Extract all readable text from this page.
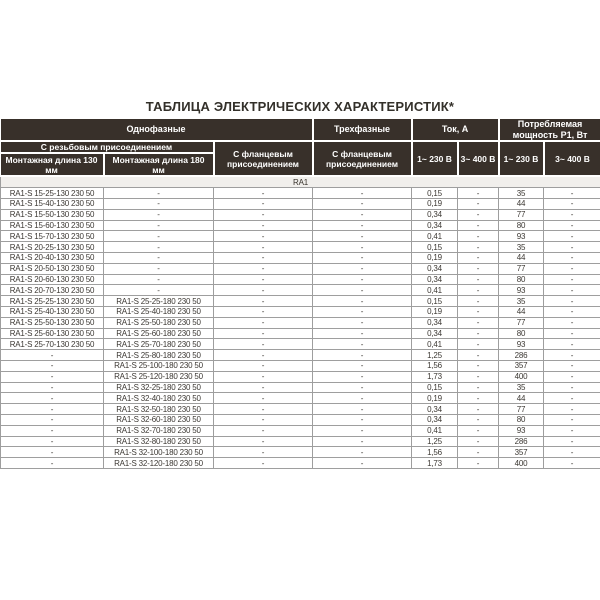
ТАБЛИЦА ЭЛЕКТРИЧЕСКИХ ХАРАКТЕРИСТИК*
Однофазные			Трехфазные	Ток, А		Потребляемая мощность Р1, Вт	
С резьбовым присоединением		С фланцевым присоединением	С фланцевым присоединением	1~ 230 В	3~ 400 В	1~ 230 В	3~ 400 В
Монтажная длина 130 мм	Монтажная длина 180 мм						
RA1							
RA1-S 15-25-130 230 50	-	-	-	0,15	-	35	-
RA1-S 15-40-130 230 50	-	-	-	0,19	-	44	-
RA1-S 15-50-130 230 50	-	-	-	0,34	-	77	-
RA1-S 15-60-130 230 50	-	-	-	0,34	-	80	-
RA1-S 15-70-130 230 50	-	-	-	0,41	-	93	-
RA1-S 20-25-130 230 50	-	-	-	0,15	-	35	-
RA1-S 20-40-130 230 50	-	-	-	0,19	-	44	-
RA1-S 20-50-130 230 50	-	-	-	0,34	-	77	-
RA1-S 20-60-130 230 50	-	-	-	0,34	-	80	-
RA1-S 20-70-130 230 50	-	-	-	0,41	-	93	-
RA1-S 25-25-130 230 50	RA1-S 25-25-180 230 50	-	-	0,15	-	35	-
RA1-S 25-40-130 230 50	RA1-S 25-40-180 230 50	-	-	0,19	-	44	-
RA1-S 25-50-130 230 50	RA1-S 25-50-180 230 50	-	-	0,34	-	77	-
RA1-S 25-60-130 230 50	RA1-S 25-60-180 230 50	-	-	0,34	-	80	-
RA1-S 25-70-130 230 50	RA1-S 25-70-180 230 50	-	-	0,41	-	93	-
-	RA1-S 25-80-180 230 50	-	-	1,25	-	286	-
-	RA1-S 25-100-180 230 50	-	-	1,56	-	357	-
-	RA1-S 25-120-180 230 50	-	-	1,73	-	400	-
-	RA1-S 32-25-180 230 50	-	-	0,15	-	35	-
-	RA1-S 32-40-180 230 50	-	-	0,19	-	44	-
-	RA1-S 32-50-180 230 50	-	-	0,34	-	77	-
-	RA1-S 32-60-180 230 50	-	-	0,34	-	80	-
-	RA1-S 32-70-180 230 50	-	-	0,41	-	93	-
-	RA1-S 32-80-180 230 50	-	-	1,25	-	286	-
-	RA1-S 32-100-180 230 50	-	-	1,56	-	357	-
-	RA1-S 32-120-180 230 50	-	-	1,73	-	400	-
